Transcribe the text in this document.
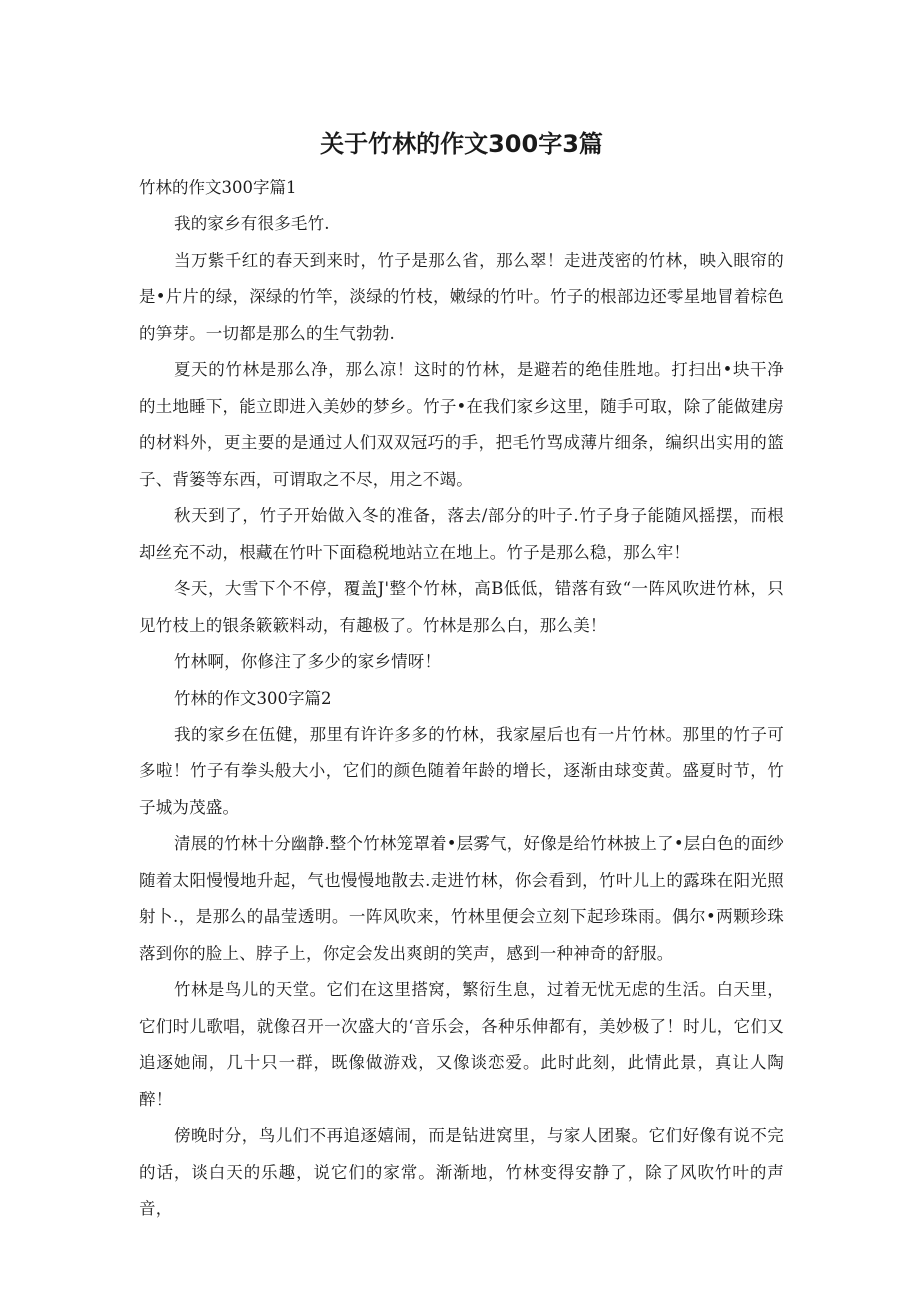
关于竹林的作文300字3篇

竹林的作文300字篇1

我的家乡有很多毛竹.

当万紫千红的春天到来时，竹子是那么省，那么翠！走进茂密的竹林，映入眼帘的是•片片的绿，深绿的竹竿，淡绿的竹枝，嫩绿的竹叶。竹子的根部边还零星地冒着棕色的笋芽。一切都是那么的生气勃勃.

夏天的竹林是那么净，那么凉！这时的竹林，是避若的绝佳胜地。打扫出•块干净的土地睡下，能立即进入美妙的梦乡。竹子•在我们家乡这里，随手可取，除了能做建房的材料外，更主要的是通过人们双双冠巧的手，把毛竹骂成薄片细条，编织出实用的篮子、背篓等东西，可谓取之不尽，用之不竭。

秋天到了，竹子开始做入冬的准备，落去/部分的叶子.竹子身子能随风摇摆，而根却丝充不动，根藏在竹叶下面稳税地站立在地上。竹子是那么稳，那么牢！

冬天，大雪下个不停，覆盖J'整个竹林，高B低低，错落有致“一阵风吹进竹林，只见竹枝上的银条簌簌料动，有趣极了。竹林是那么白，那么美！

竹林啊，你修注了多少的家乡情呀！

竹林的作文300字篇2

我的家乡在伍健，那里有许许多多的竹林，我家屋后也有一片竹林。那里的竹子可多啦！竹子有拳头般大小，它们的颜色随着年龄的增长，逐渐由球变黄。盛夏时节，竹子城为茂盛。

清展的竹林十分幽静.整个竹林笼罩着•层雾气，好像是给竹林披上了•层白色的面纱随着太阳慢慢地升起，气也慢慢地散去.走进竹林，你会看到，竹叶儿上的露珠在阳光照射卜.，是那么的晶莹透明。一阵风吹来，竹林里便会立刻下起珍珠雨。偶尔•两颗珍珠落到你的脸上、脖子上，你定会发出爽朗的笑声，感到一种神奇的舒服。

竹林是鸟儿的天堂。它们在这里搭窝，繁衍生息，过着无忧无虑的生活。白天里，它们时儿歌唱，就像召开一次盛大的‘音乐会，各种乐伸都有，美妙极了！时儿，它们又追逐她闹，几十只一群，既像做游戏，又像谈恋爱。此时此刻，此情此景，真让人陶醉！

傍晚时分，鸟儿们不再追逐嬉闹，而是钻进窝里，与家人团聚。它们好像有说不完的话，谈白天的乐趣，说它们的家常。渐渐地，竹林变得安静了，除了风吹竹叶的声音，
